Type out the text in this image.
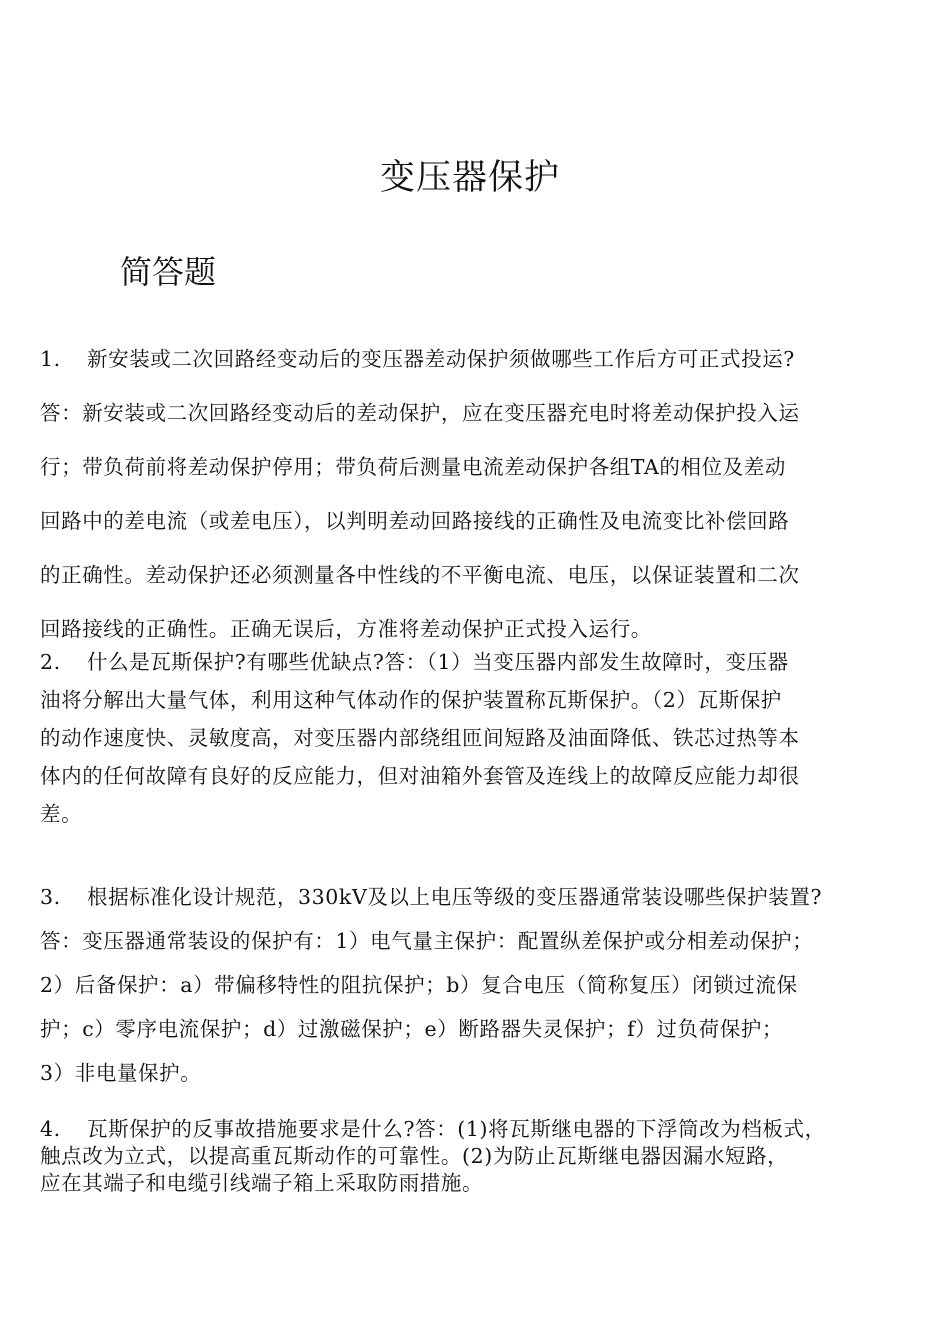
变压器保护
简答题
1. 新安装或二次回路经变动后的变压器差动保护须做哪些工作后方可正式投运?
答：新安装或二次回路经变动后的差动保护，应在变压器充电时将差动保护投入运
行；带负荷前将差动保护停用；带负荷后测量电流差动保护各组TA的相位及差动
回路中的差电流（或差电压），以判明差动回路接线的正确性及电流变比补偿回路
的正确性。差动保护还必须测量各中性线的不平衡电流、电压，以保证装置和二次
回路接线的正确性。正确无误后，方准将差动保护正式投入运行。
2. 什么是瓦斯保护?有哪些优缺点?答：（1）当变压器内部发生故障时，变压器
油将分解出大量气体，利用这种气体动作的保护装置称瓦斯保护。（2）瓦斯保护
的动作速度快、灵敏度高，对变压器内部绕组匝间短路及油面降低、铁芯过热等本
体内的任何故障有良好的反应能力，但对油箱外套管及连线上的故障反应能力却很
差。
3. 根据标准化设计规范，330kV及以上电压等级的变压器通常装设哪些保护装置?
答：变压器通常装设的保护有：1）电气量主保护：配置纵差保护或分相差动保护；
2）后备保护：a）带偏移特性的阻抗保护；b）复合电压（简称复压）闭锁过流保
护；c）零序电流保护；d）过激磁保护；e）断路器失灵保护；f）过负荷保护；
3）非电量保护。
4. 瓦斯保护的反事故措施要求是什么?答：(1)将瓦斯继电器的下浮筒改为档板式，
触点改为立式，以提高重瓦斯动作的可靠性。(2)为防止瓦斯继电器因漏水短路，
应在其端子和电缆引线端子箱上采取防雨措施。
